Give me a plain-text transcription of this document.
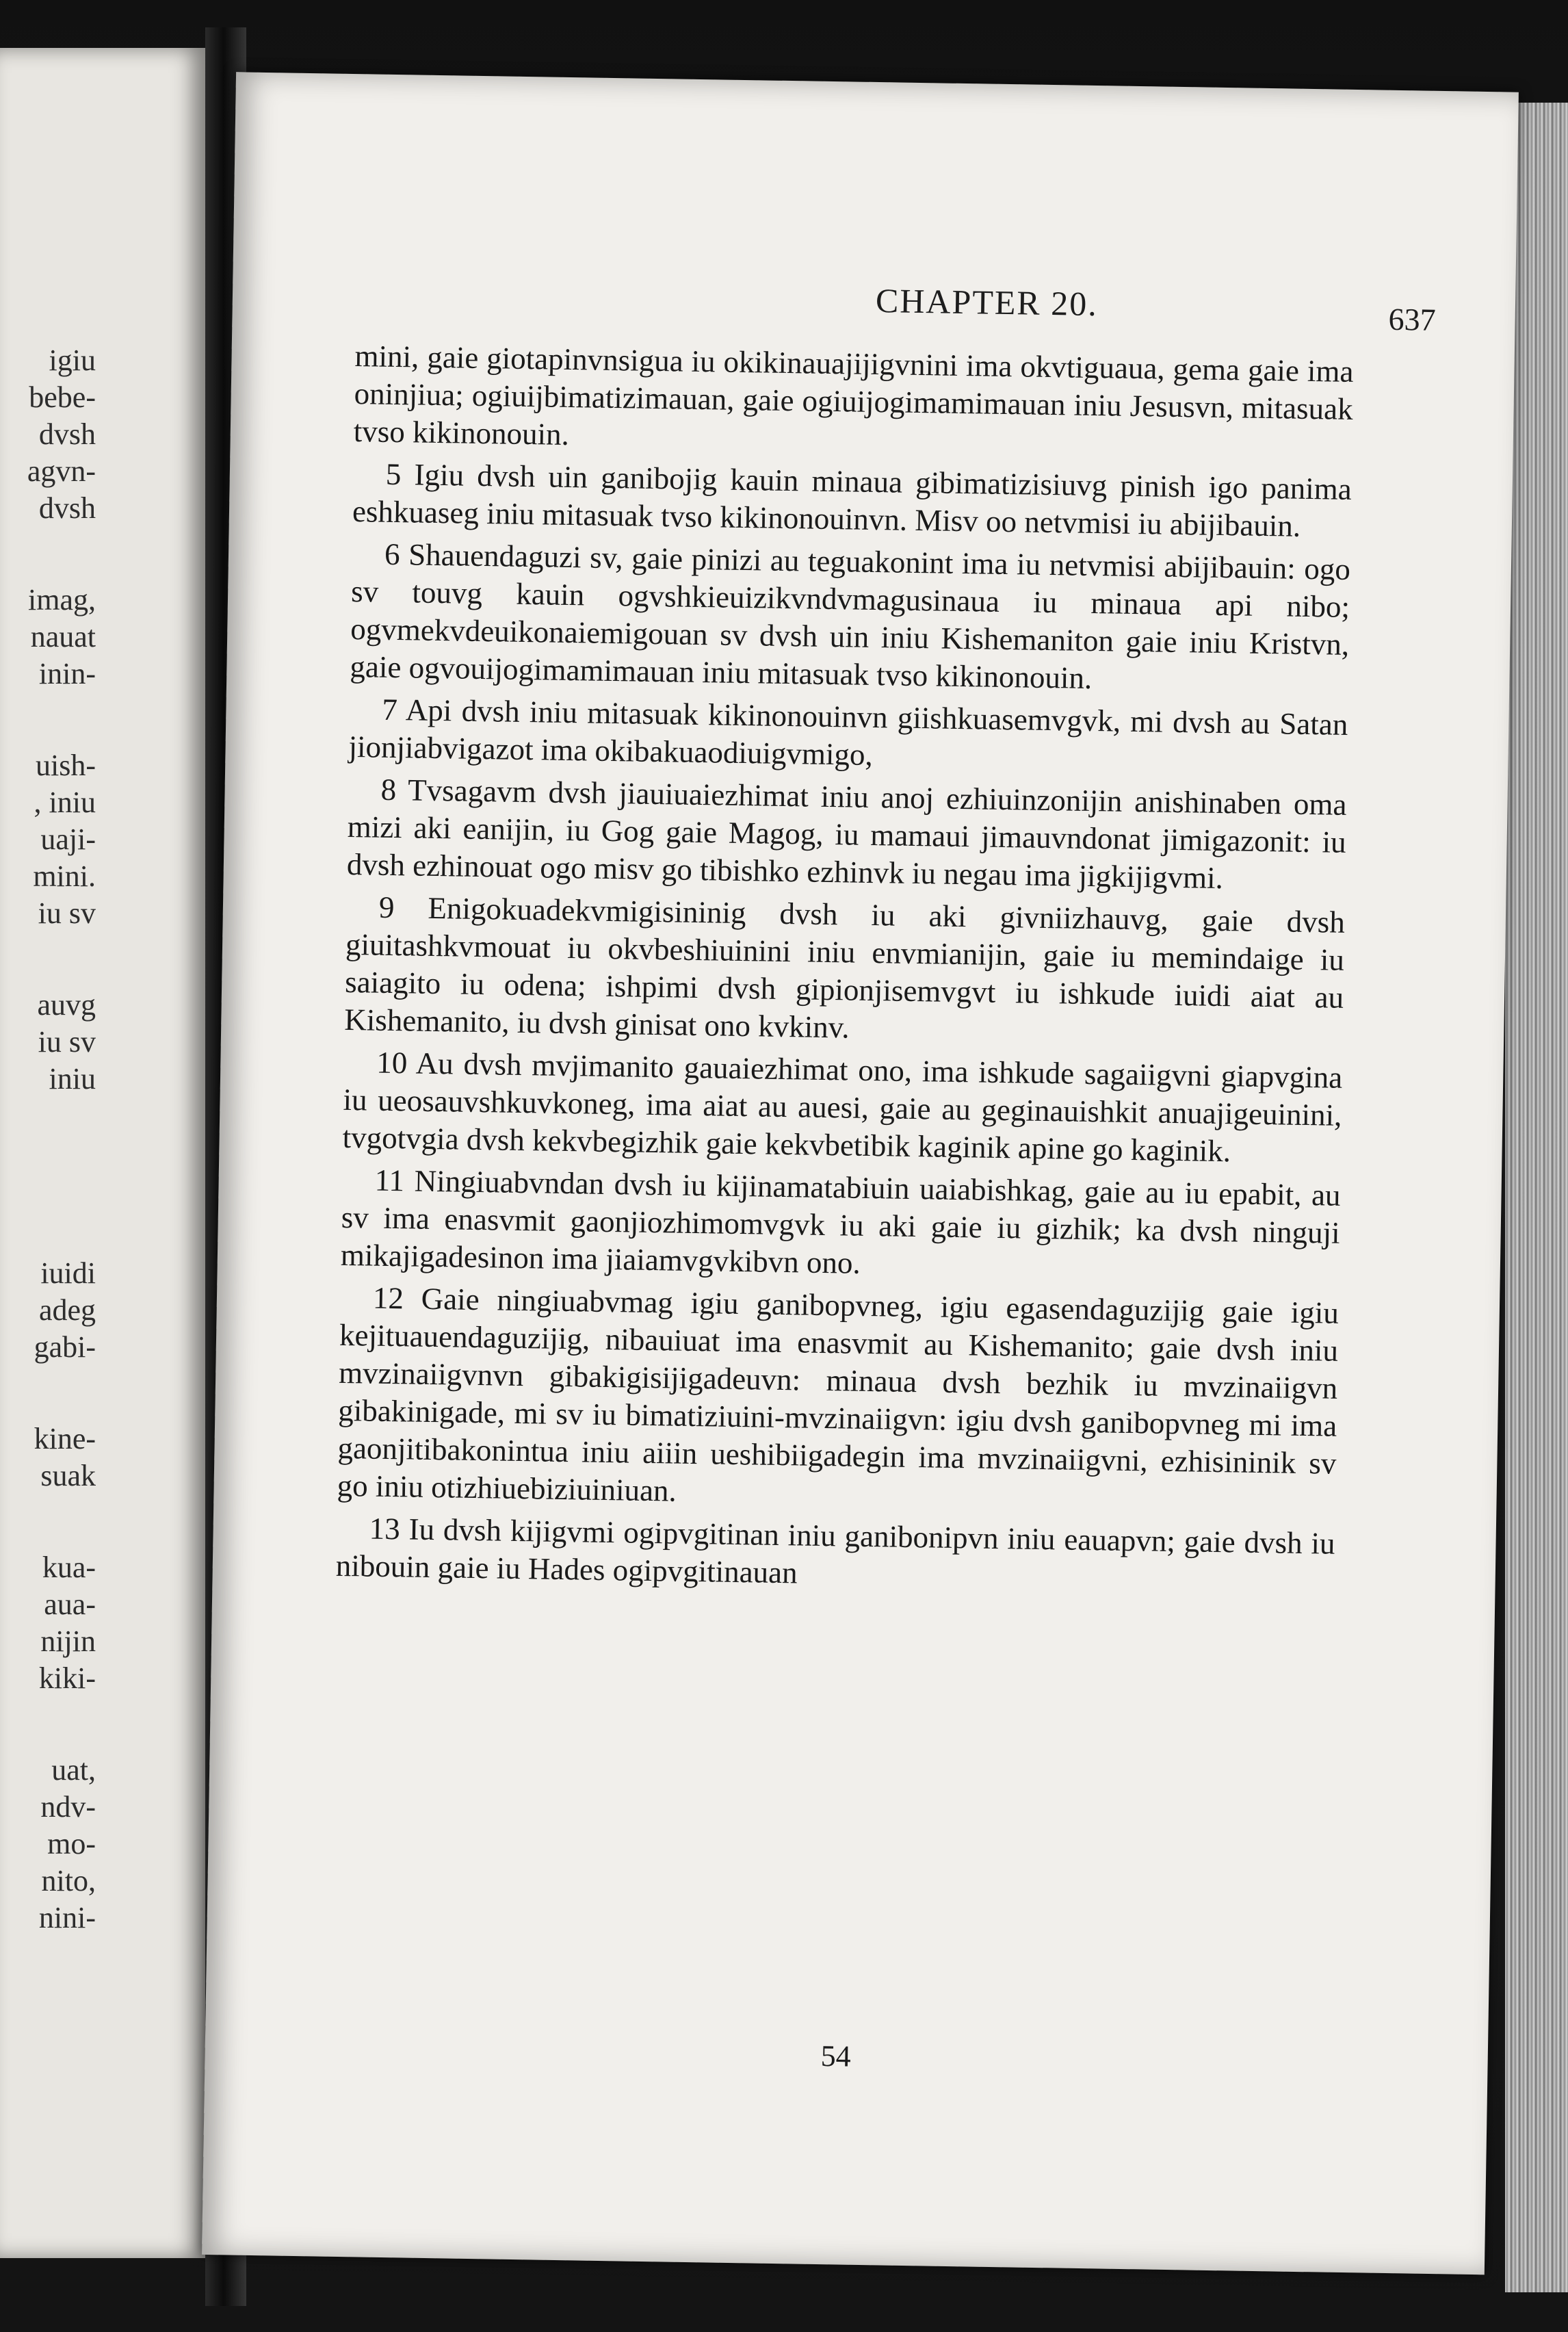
igiu
bebe-
dvsh
agvn-
dvsh
imag,
nauat
inin-
uish-
, iniu
uaji-
mini.
iu sv
auvg
iu sv
iniu
iuidi
adeg
gabi-
kine-
suak
kua-
aua-
nijin
kiki-
uat,
ndv-
mo-
nito,
nini-
CHAPTER 20.	637

mini, gaie giotapinvnsigua iu okikinauajijigvnini ima okvtiguaua, gema gaie ima oninjiua; ogiuijbimatizimauan, gaie ogiuijogimamimauan iniu Jesusvn, mitasuak tvso kikinonouin.

5 Igiu dvsh uin ganibojig kauin minaua gibimatizisiuvg pinish igo panima eshkuaseg iniu mitasuak tvso kikinonouinvn. Misv oo netvmisi iu abijibauin.

6 Shauendaguzi sv, gaie pinizi au teguakonint ima iu netvmisi abijibauin: ogo sv touvg kauin ogvshkieuizikvndvmagusinaua iu minaua api nibo; ogvmekvdeuikonaiemigouan sv dvsh uin iniu Kishemaniton gaie iniu Kristvn, gaie ogvouijogimamimauan iniu mitasuak tvso kikinonouin.

7 Api dvsh iniu mitasuak kikinonouinvn giishkuasemvgvk, mi dvsh au Satan jionjiabvigazot ima okibakuaodiuigvmigo,

8 Tvsagavm dvsh jiauiuaiezhimat iniu anoj ezhiuinzonijin anishinaben oma mizi aki eanijin, iu Gog gaie Magog, iu mamaui jimauvndonat jimigazonit: iu dvsh ezhinouat ogo misv go tibishko ezhinvk iu negau ima jigkijigvmi.

9 Enigokuadekvmigisininig dvsh iu aki givniizhauvg, gaie dvsh giuitashkvmouat iu okvbeshiuinini iniu envmianijin, gaie iu memindaige iu saiagito iu odena; ishpimi dvsh gipionjisemvgvt iu ishkude iuidi aiat au Kishemanito, iu dvsh ginisat ono kvkinv.

10 Au dvsh mvjimanito gauaiezhimat ono, ima ishkude sagaiigvni giapvgina iu ueosauvshkuvkoneg, ima aiat au auesi, gaie au geginauishkit anuajigeuinini, tvgotvgia dvsh kekvbegizhik gaie kekvbetibik kaginik apine go kaginik.

11 Ningiuabvndan dvsh iu kijinamatabiuin uaiabishkag, gaie au iu epabit, au sv ima enasvmit gaonjiozhimomvgvk iu aki gaie iu gizhik; ka dvsh ninguji mikajigadesinon ima jiaiamvgvkibvn ono.

12 Gaie ningiuabvmag igiu ganibopvneg, igiu egasendaguzijig gaie igiu kejituauendaguzijig, nibauiuat ima enasvmit au Kishemanito; gaie dvsh iniu mvzinaiigvnvn gibakigisijigadeuvn: minaua dvsh bezhik iu mvzinaiigvn gibakinigade, mi sv iu bimatiziuini-mvzinaiigvn: igiu dvsh ganibopvneg mi ima gaonjitibakonintua iniu aiiin ueshibiigadegin ima mvzinaiigvni, ezhisininik sv go iniu otizhiuebiziuiniuan.

13 Iu dvsh kijigvmi ogipvgitinan iniu ganibonipvn iniu eauapvn; gaie dvsh iu nibouin gaie iu Hades ogipvgitinauan

54
